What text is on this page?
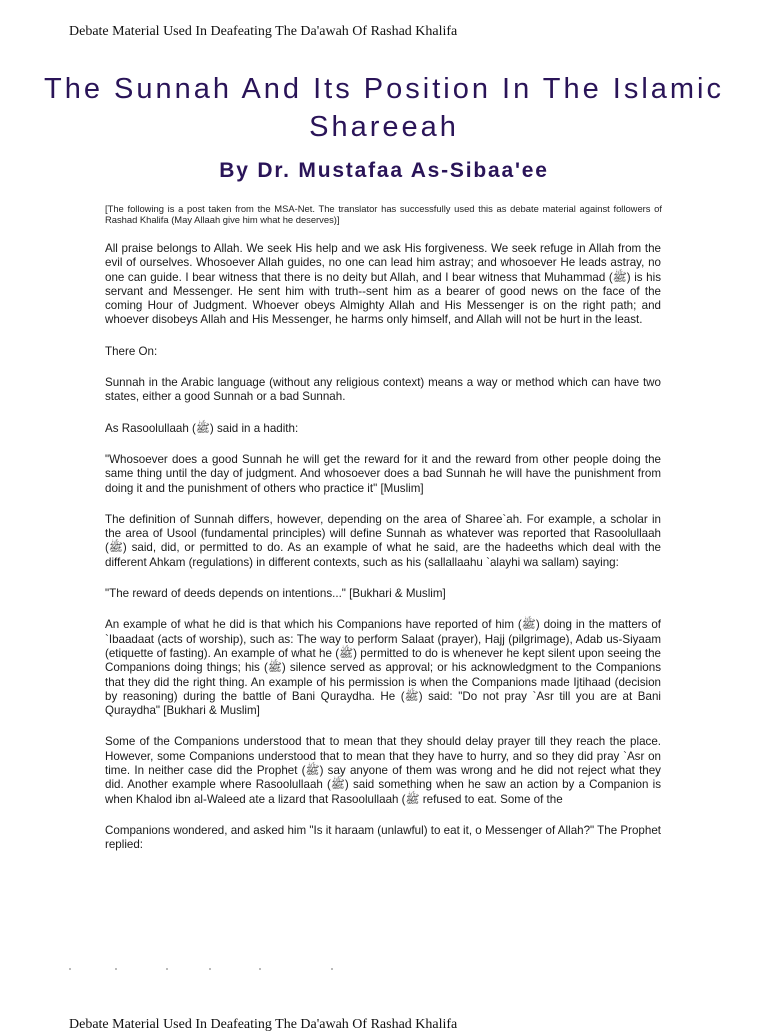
Debate Material Used In Deafeating The Da'awah Of Rashad Khalifa
The Sunnah And Its Position In The Islamic Shareeah
By Dr. Mustafaa As-Sibaa'ee

[The following is a post taken from the MSA-Net. The translator has successfully used this as debate material against followers of Rashad Khalifa (May Allaah give him what he deserves)]

All praise belongs to Allah. We seek His help and we ask His forgiveness. We seek refuge in Allah from the evil of ourselves. Whosoever Allah guides, no one can lead him astray; and whosoever He leads astray, no one can guide. I bear witness that there is no deity but Allah, and I bear witness that Muhammad (ﷺ) is his servant and Messenger. He sent him with truth--sent him as a bearer of good news on the face of the coming Hour of Judgment. Whoever obeys Almighty Allah and His Messenger is on the right path; and whoever disobeys Allah and His Messenger, he harms only himself, and Allah will not be hurt in the least.

There On:

Sunnah in the Arabic language (without any religious context) means a way or method which can have two states, either a good Sunnah or a bad Sunnah.

As Rasoolullaah (ﷺ) said in a hadith:

"Whosoever does a good Sunnah he will get the reward for it and the reward from other people doing the same thing until the day of judgment. And whosoever does a bad Sunnah he will have the punishment from doing it and the punishment of others who practice it" [Muslim]

The definition of Sunnah differs, however, depending on the area of Sharee`ah. For example, a scholar in the area of Usool (fundamental principles) will define Sunnah as whatever was reported that Rasoolullaah (ﷺ) said, did, or permitted to do. As an example of what he said, are the hadeeths which deal with the different Ahkam (regulations) in different contexts, such as his (sallallaahu `alayhi wa sallam) saying:

"The reward of deeds depends on intentions..." [Bukhari & Muslim]

An example of what he did is that which his Companions have reported of him (ﷺ) doing in the matters of `Ibaadaat (acts of worship), such as: The way to perform Salaat (prayer), Hajj (pilgrimage), Adab us-Siyaam (etiquette of fasting). An example of what he (ﷺ) permitted to do is whenever he kept silent upon seeing the Companions doing things; his (ﷺ) silence served as approval; or his acknowledgment to the Companions that they did the right thing. An example of his permission is when the Companions made Ijtihaad (decision by reasoning) during the battle of Bani Quraydha. He (ﷺ) said: "Do not pray `Asr till you are at Bani Quraydha" [Bukhari & Muslim]

Some of the Companions understood that to mean that they should delay prayer till they reach the place. However, some Companions understood that to mean that they have to hurry, and so they did pray `Asr on time. In neither case did the Prophet (ﷺ) say anyone of them was wrong and he did not reject what they did. Another example where Rasoolullaah (ﷺ) said something when he saw an action by a Companion is when Khalod ibn al-Waleed ate a lizard that Rasoolullaah (ﷺ refused to eat. Some of the

Companions wondered, and asked him "Is it haraam (unlawful) to eat it, o Messenger of Allah?" The Prophet replied:

Debate Material Used In Deafeating The Da'awah Of Rashad Khalifa
